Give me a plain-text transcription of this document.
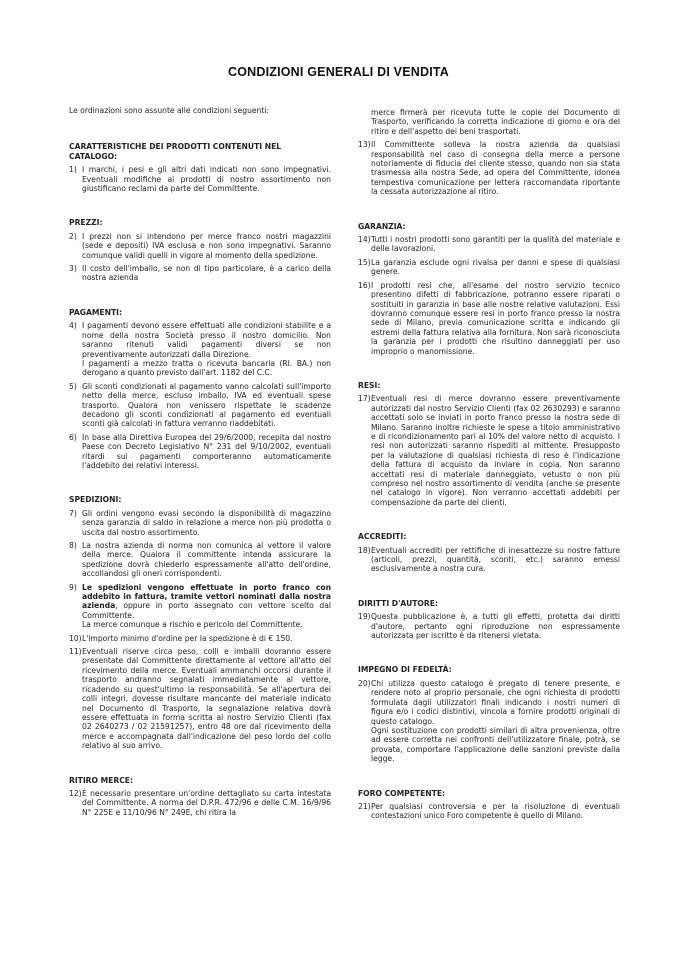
CONDIZIONI GENERALI DI VENDITA

Le ordinazioni sono assunte alle condizioni seguenti:

CARATTERISTICHE DEI PRODOTTI CONTENUTI NEL CATALOGO:

1) I marchi, i pesi e gli altri dati indicati non sono impegnativi. Eventuali modifiche ai prodotti di nostro assortimento non giustificano reclami da parte del Committente.

PREZZI:

2) I prezzi non si intendono per merce franco nostri magazzini (sede e depositi) IVA esclusa e non sono impegnativi. Saranno comunque validi quelli in vigore al momento della spedizione.

3) Il costo dell'imballo, se non di tipo particolare, è a carico della nostra azienda

PAGAMENTI:

4) I pagamenti devono essere effettuati alle condizioni stabilite e a nome della nostra Società presso il nostro domicilio. Non saranno ritenuti validi pagamenti diversi se non preventivamente autorizzati dalla Direzione.

I pagamenti a mezzo tratta o ricevuta bancaria (RI. BA.) non derogano a quanto previsto dall'art. 1182 del C.C.

5) Gli sconti condizionati al pagamento vanno calcolati sull'importo netto della merce, escluso imballo, IVA ed eventuali spese trasporto. Qualora non venissero rispettate le scadenze decadono gli sconti condizionati al pagamento ed eventuali sconti già calcolati in fattura verranno riaddebitati.

6) In base alla Direttiva Europea del 29/6/2000, recepita dal nostro Paese con Decreto Legislativo N° 231 del 9/10/2002, eventuali ritardi sui pagamenti comporteranno automaticamente l'addebito dei relativi interessi.

SPEDIZIONI:

7) Gli ordini vengono evasi secondo la disponibilità di magazzino senza garanzia di saldo in relazione a merce non più prodotta o uscita dal nostro assortimento.

8) La nostra azienda di norma non comunica al vettore il valore della merce. Qualora il committente intenda assicurare la spedizione dovrà chiederlo espressamente all'atto dell'ordine, accollandosi gli oneri corrispondenti.

9) Le spedizioni vengono effettuate in porto franco con addebito in fattura, tramite vettori nominati dalla nostra azienda, oppure in porto assegnato con vettore scelto dal Committente.

La merce comunque a rischio e pericolo del Committente.

10) L'importo minimo d'ordine per la spedizione è di € 150.

11) Eventuali riserve circa peso, colli e imballi dovranno essere presentate dal Committente direttamente al vettore all'atto del ricevimento della merce. Eventuali ammanchi occorsi durante il trasporto andranno segnalati immediatamente al vettore, ricadendo su quest'ultimo la responsabilità. Se all'apertura dei colli integri, dovesse risultare mancante del materiale indicato nel Documento di Trasporto, la segnalazione relativa dovrà essere effettuata in forma scritta al nostro Servizio Clienti (fax 02 2640273 / 02 21591257), entro 48 ore dal ricevimento della merce e accompagnata dall'indicazione del peso lordo del collo relativo al suo arrivo.

RITIRO MERCE:

12) È necessario presentare un'ordine dettagliato su carta intestata del Committente. A norma del D.P.R. 472/96 e delle C.M. 16/9/96 N° 225E e 11/10/96 N° 249E, chi ritira la

merce firmerà per ricevuta tutte le copie del Documento di Trasporto, verificando la corretta indicazione di giorno e ora del ritiro e dell'aspetto dei beni trasportati.

13) Il Committente solleva la nostra azienda da qualsiasi responsabilità nel caso di consegna della merce a persone notoriamente di fiducia del cliente stesso, quando non sia stata trasmessa alla nostra Sede, ad opera del Committente, idonea tempestiva comunicazione per lettera raccomandata riportante la cessata autorizzazione al ritiro.

GARANZIA:

14) Tutti i nostri prodotti sono garantiti per la qualità del materiale e delle lavorazioni.

15) La garanzia esclude ogni rivalsa per danni e spese di qualsiasi genere.

16) I prodotti resi che, all'esame del nostro servizio tecnico presentino difetti di fabbricazione, potranno essere riparati o sostituiti in garanzia in base alle nostre relative valutazioni. Essi dovranno comunque essere resi in porto franco presso la nostra sede di Milano, previa comunicazione scritta e indicando gli estremi della fattura relativa alla fornitura. Non sarà riconosciuta la garanzia per i prodotti che risultino danneggiati per uso improprio o manomissione.

RESI:

17) Eventuali resi di merce dovranno essere preventivamente autorizzati dal nostro Servizio Clienti (fax 02 2630293) e saranno accettati solo se inviati in porto franco presso la nostra sede di Milano. Saranno inoltre richieste le spese a titolo amministrativo e di ricondizionamento pari al 10% del valore netto di acquisto. I resi non autorizzati saranno rispediti al mittente. Presupposto per la valutazione di qualsiasi richiesta di reso è l'indicazione della fattura di acquisto da inviare in copia. Non saranno accettati resi di materiale danneggiato, vetusto o non più compreso nel nostro assortimento di vendita (anche se presente nel catalogo in vigore). Non verranno accettati addebiti per compensazione da parte dei clienti.

ACCREDITI:

18) Eventuali accrediti per rettifiche di inesattezze su nostre fatture (articoli, prezzi, quantità, sconti, etc.) saranno emessi esclusivamente a nostra cura.

DIRITTI D'AUTORE:

19) Questa pubblicazione è, a tutti gli effetti, protetta dai diritti d'autore, pertanto ogni riproduzione non espressamente autorizzata per iscritto è da ritenersi vietata.

IMPEGNO DI FEDELTÀ:

20) Chi utilizza questo catalogo è pregato di tenere presente, e rendere noto al proprio personale, che ogni richiesta di prodotti formulata dagli utilizzatori finali indicando i nostri numeri di figura e/o i codici distintivi, vincola a fornire prodotti originali di questo catalogo.

Ogni sostituzione con prodotti similari di altra provenienza, oltre ad essere corretta nei confronti dell'utilizzatore finale, potrà, se provata, comportare l'applicazione delle sanzioni previste dalla legge.

FORO COMPETENTE:

21) Per qualsiasi controversia e per la risoluzione di eventuali contestazioni unico Foro competente è quello di Milano.
